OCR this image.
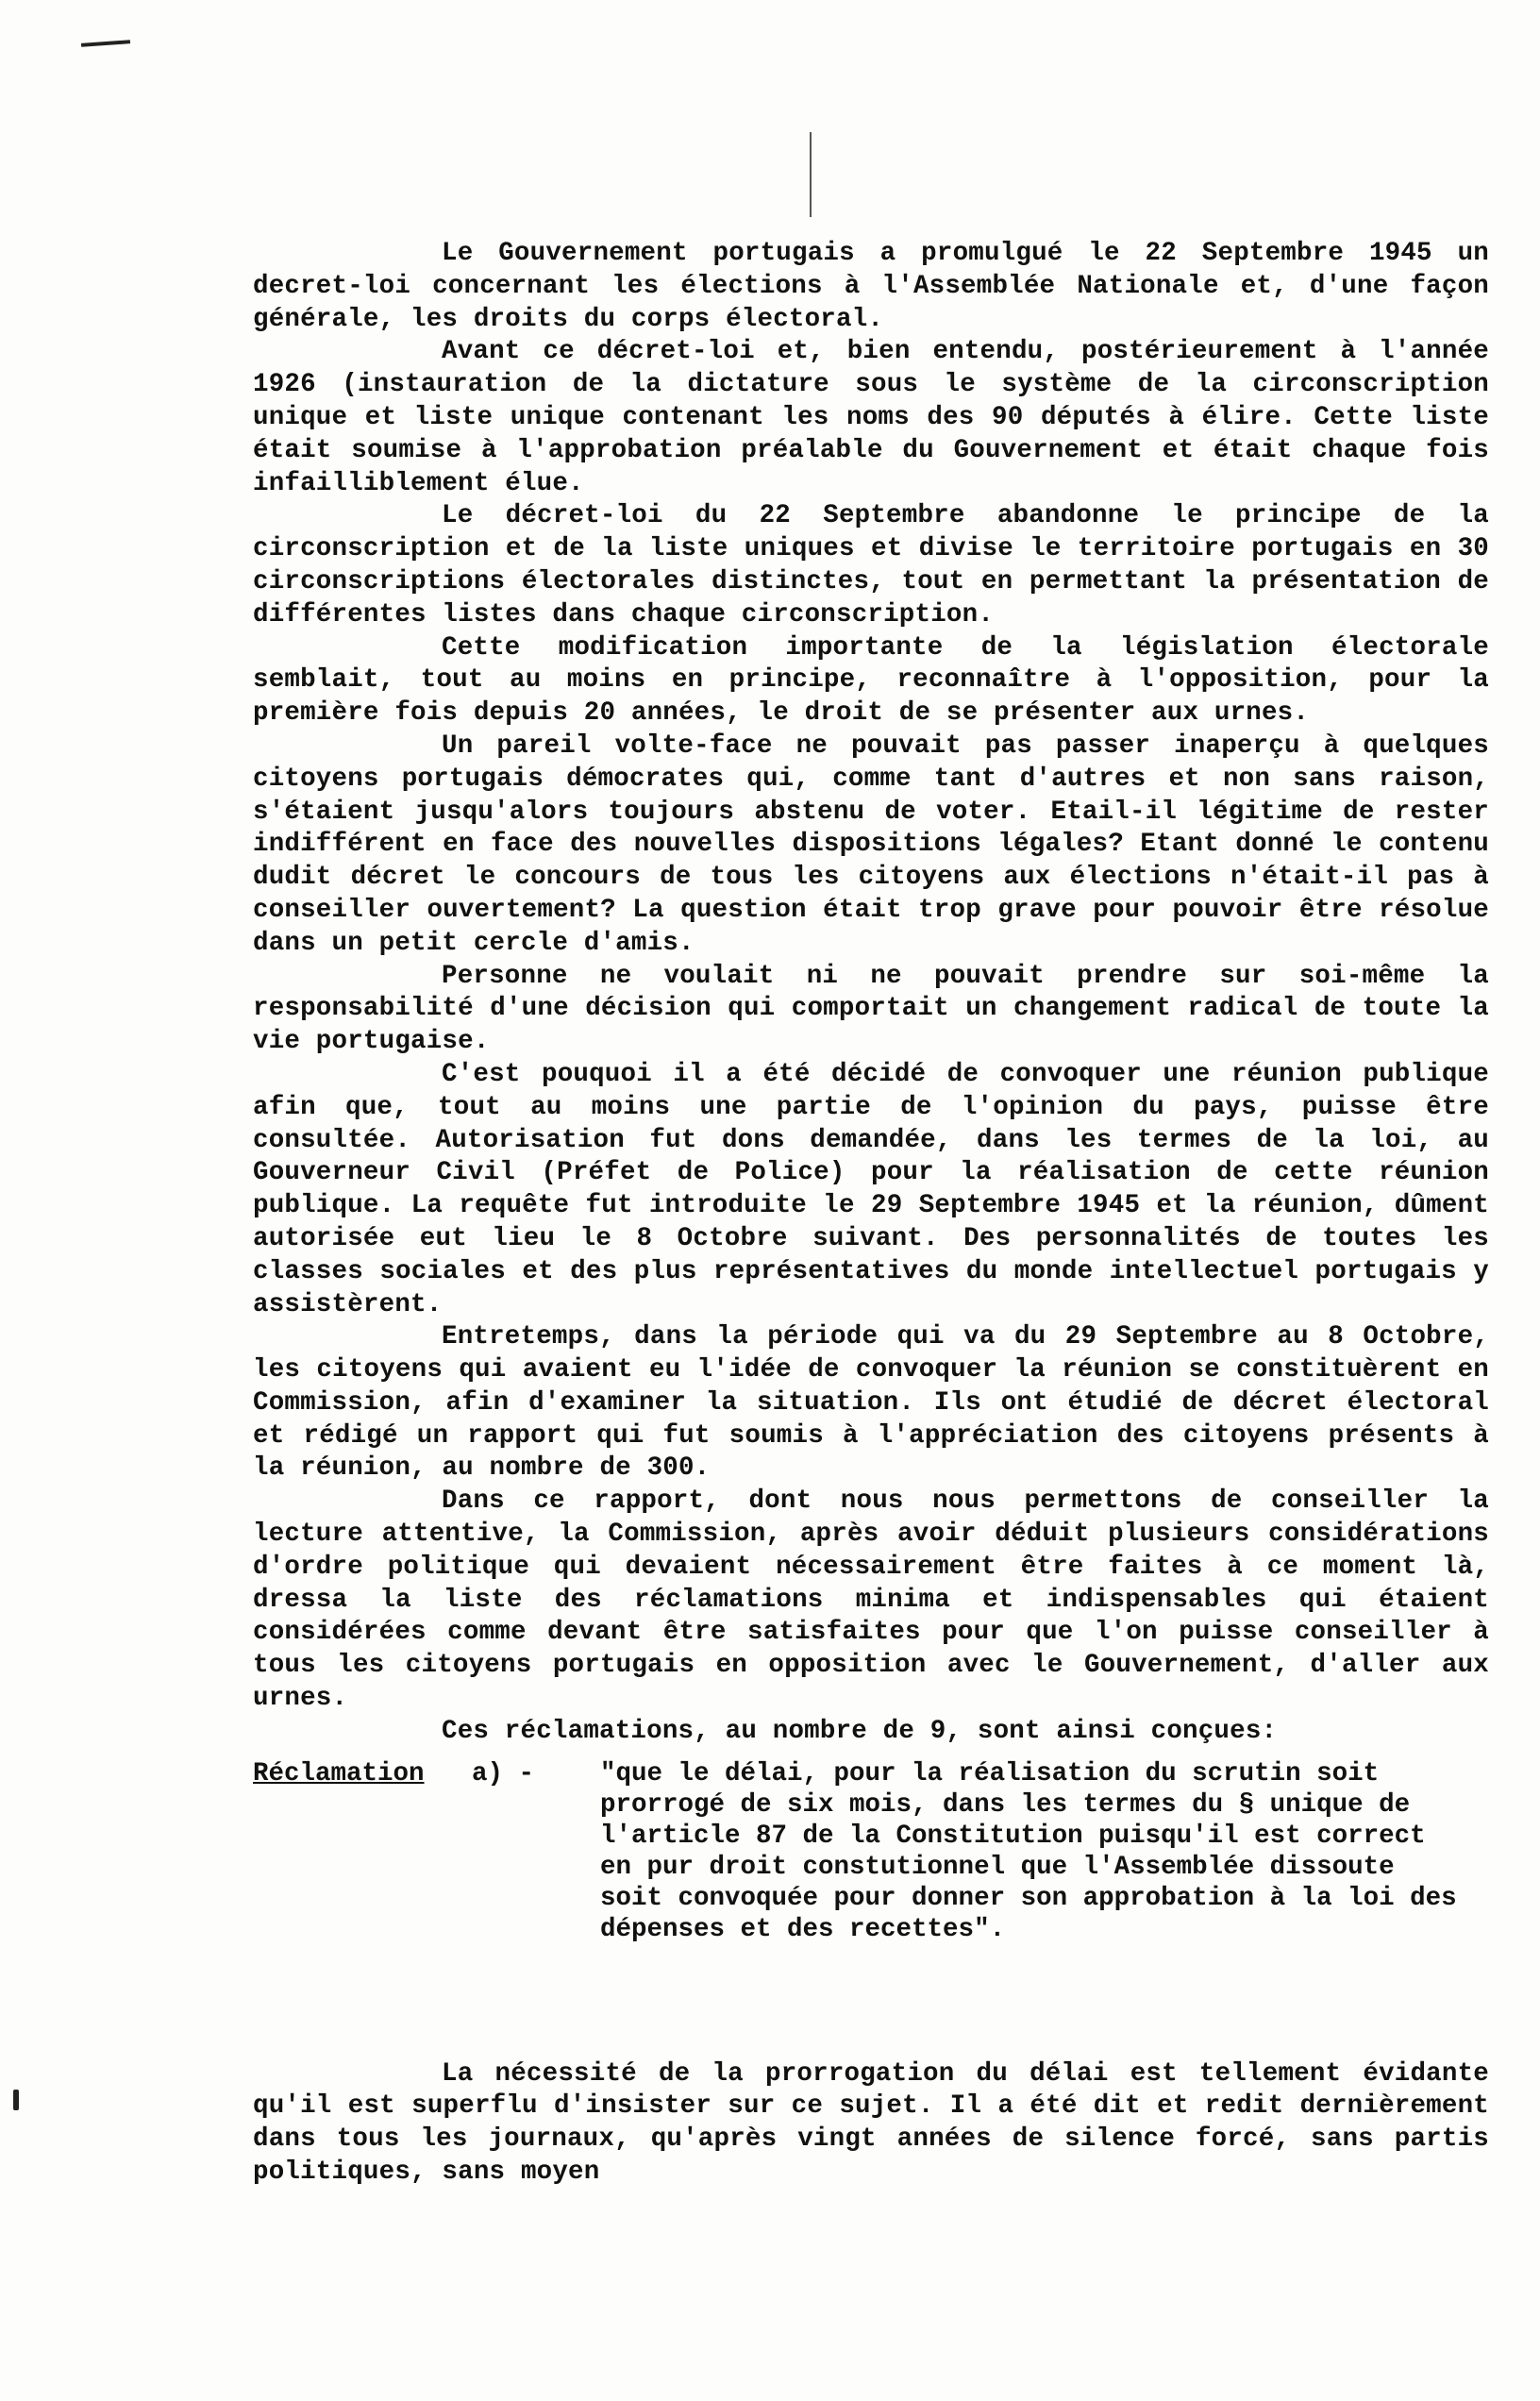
Le Gouvernement portugais a promulgué le 22 Septembre 1945 un decret-loi concernant les élections à l'Assemblée Nationale et, d'une façon générale, les droits du corps électoral.

Avant ce décret-loi et, bien entendu, postérieurement à l'année 1926 (instauration de la dictature sous le système de la circonscription unique et liste unique contenant les noms des 90 députés à élire. Cette liste était soumise à l'approbation préalable du Gouvernement et était chaque fois infailliblement élue.

Le décret-loi du 22 Septembre abandonne le principe de la circonscription et de la liste uniques et divise le territoire portugais en 30 circonscriptions électorales distinctes, tout en permettant la présentation de différentes listes dans chaque circonscription.

Cette modification importante de la législation électorale semblait, tout au moins en principe, reconnaître à l'opposition, pour la première fois depuis 20 années, le droit de se présenter aux urnes.

Un pareil volte-face ne pouvait pas passer inaperçu à quelques citoyens portugais démocrates qui, comme tant d'autres et non sans raison, s'étaient jusqu'alors toujours abstenu de voter. Etail-il légitime de rester indifférent en face des nouvelles dispositions légales? Etant donné le contenu dudit décret le concours de tous les citoyens aux élections n'était-il pas à conseiller ouvertement? La question était trop grave pour pouvoir être résolue dans un petit cercle d'amis.

Personne ne voulait ni ne pouvait prendre sur soi-même la responsabilité d'une décision qui comportait un changement radical de toute la vie portugaise.

C'est pouquoi il a été décidé de convoquer une réunion publique afin que, tout au moins une partie de l'opinion du pays, puisse être consultée. Autorisation fut dons demandée, dans les termes de la loi, au Gouverneur Civil (Préfet de Police) pour la réalisation de cette réunion publique. La requête fut introduite le 29 Septembre 1945 et la réunion, dûment autorisée eut lieu le 8 Octobre suivant. Des personnalités de toutes les classes sociales et des plus représentatives du monde intellectuel portugais y assistèrent.

Entretemps, dans la période qui va du 29 Septembre au 8 Octobre, les citoyens qui avaient eu l'idée de convoquer la réunion se constituèrent en Commission, afin d'examiner la situation. Ils ont étudié de décret électoral et rédigé un rapport qui fut soumis à l'appréciation des citoyens présents à la réunion, au nombre de 300.

Dans ce rapport, dont nous nous permettons de conseiller la lecture attentive, la Commission, après avoir déduit plusieurs considérations d'ordre politique qui devaient nécessairement être faites à ce moment là, dressa la liste des réclamations minima et indispensables qui étaient considérées comme devant être satisfaites pour que l'on puisse conseiller à tous les citoyens portugais en opposition avec le Gouvernement, d'aller aux urnes.

Ces réclamations, au nombre de 9, sont ainsi conçues:

Réclamation a) -	"que le délai, pour la réalisation du scrutin soit prorrogé de six mois, dans les termes du § unique de l'article 87 de la Constitution puisqu'il est correct en pur droit constutionnel que l'Assemblée dissoute soit convoquée pour donner son approbation à la loi des dépenses et des recettes".

La nécessité de la prorrogation du délai est tellement évidante qu'il est superflu d'insister sur ce sujet. Il a été dit et redit dernièrement dans tous les journaux, qu'après vingt années de silence forcé, sans partis politiques, sans moyen
